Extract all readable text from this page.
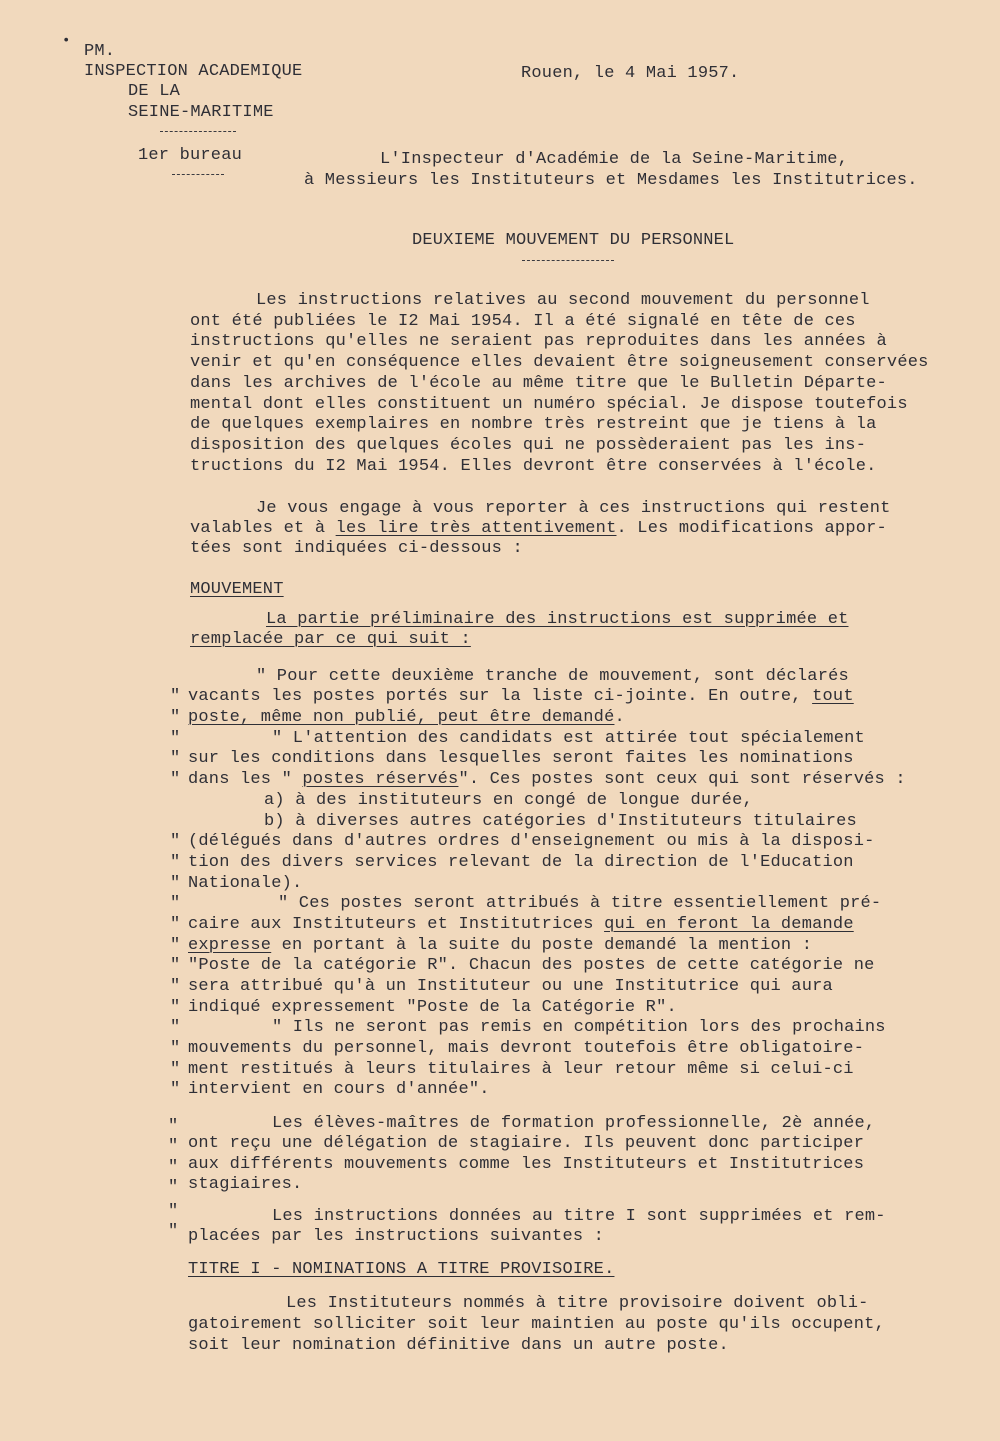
•
PM.
INSPECTION ACADEMIQUE
DE LA
SEINE-MARITIME
1er bureau
Rouen, le 4 Mai 1957.
L'Inspecteur d'Académie de la Seine-Maritime,
à Messieurs les Instituteurs et Mesdames les Institutrices.
DEUXIEME MOUVEMENT DU PERSONNEL
Les instructions relatives au second mouvement du personnel
ont été publiées le I2 Mai 1954. Il a été signalé en tête de ces
instructions qu'elles ne seraient pas reproduites dans les années à
venir et qu'en conséquence elles devaient être soigneusement conservées
dans les archives de l'école au même titre que le Bulletin Départe-
mental dont elles constituent un numéro spécial. Je dispose toutefois
de quelques exemplaires en nombre très restreint que je tiens à la
disposition des quelques écoles qui ne possèderaient pas les ins-
tructions du I2 Mai 1954. Elles devront être conservées à l'école.
Je vous engage à vous reporter à ces instructions qui restent
valables et à les lire très attentivement. Les modifications appor-
tées sont indiquées ci-dessous :
MOUVEMENT
La partie préliminaire des instructions est supprimée et
remplacée par ce qui suit :
"
"
"
"
"
"
"
"
"
"
"
"
"
"
"
"
"
"
"
"
"
"
"
"
" Pour cette deuxième tranche de mouvement, sont déclarés
vacants les postes portés sur la liste ci-jointe. En outre, tout
poste, même non publié, peut être demandé.
" L'attention des candidats est attirée tout spécialement
sur les conditions dans lesquelles seront faites les nominations
dans les " postes réservés". Ces postes sont ceux qui sont réservés :
a) à des instituteurs en congé de longue durée,
b) à diverses autres catégories d'Instituteurs titulaires
(délégués dans d'autres ordres d'enseignement ou mis à la disposi-
tion des divers services relevant de la direction de l'Education
Nationale).
" Ces postes seront attribués à titre essentiellement pré-
caire aux Instituteurs et Institutrices qui en feront la demande
expresse en portant à la suite du poste demandé la mention :
"Poste de la catégorie R". Chacun des postes de cette catégorie ne
sera attribué qu'à un Instituteur ou une Institutrice qui aura
indiqué expressement "Poste de la Catégorie R".
" Ils ne seront pas remis en compétition lors des prochains
mouvements du personnel, mais devront toutefois être obligatoire-
ment restitués à leurs titulaires à leur retour même si celui-ci
intervient en cours d'année".
Les élèves-maîtres de formation professionnelle, 2è année,
ont reçu une délégation de stagiaire. Ils peuvent donc participer
aux différents mouvements comme les Instituteurs et Institutrices
stagiaires.
Les instructions données au titre I sont supprimées et rem-
placées par les instructions suivantes :
TITRE I - NOMINATIONS A TITRE PROVISOIRE.
Les Instituteurs nommés à titre provisoire doivent obli-
gatoirement solliciter soit leur maintien au poste qu'ils occupent,
soit leur nomination définitive dans un autre poste.
